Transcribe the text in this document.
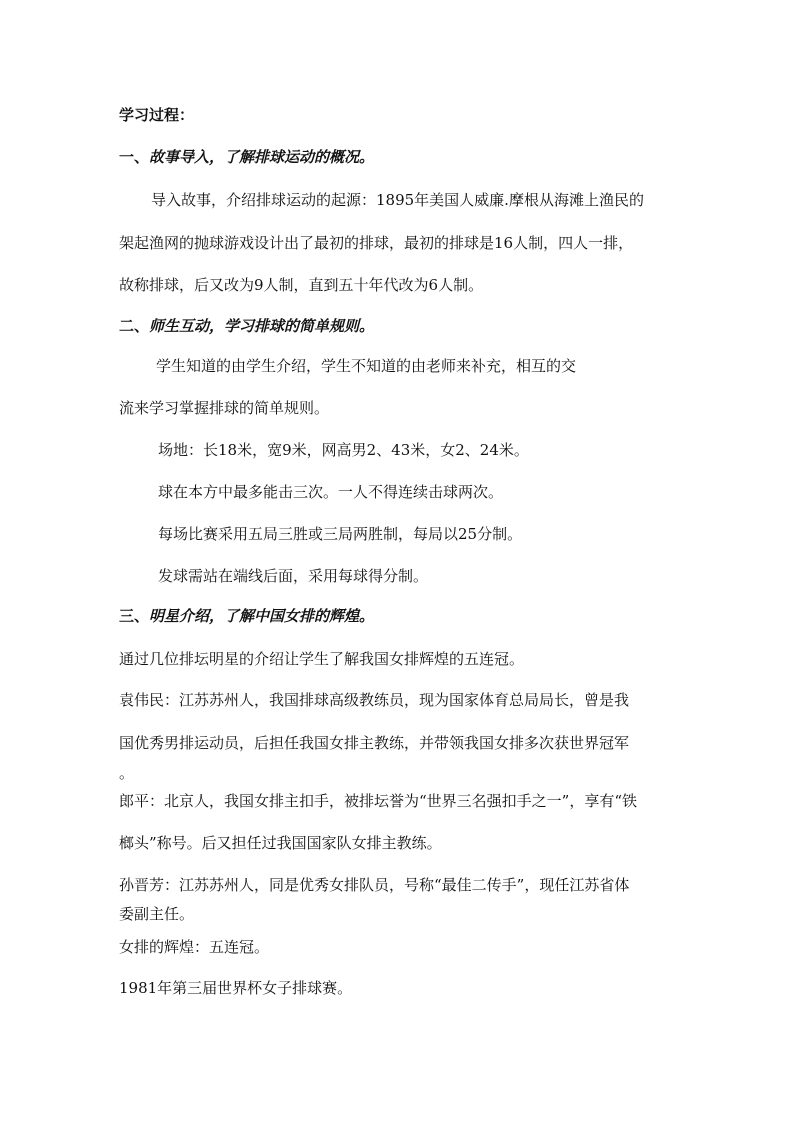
学习过程：
一、故事导入，了解排球运动的概况。
导入故事，介绍排球运动的起源：1895年美国人威廉.摩根从海滩上渔民的
架起渔网的抛球游戏设计出了最初的排球，最初的排球是16人制，四人一排，
故称排球，后又改为9人制，直到五十年代改为6人制。
二、师生互动，学习排球的简单规则。
学生知道的由学生介绍，学生不知道的由老师来补充，相互的交
流来学习掌握排球的简单规则。
场地：长18米，宽9米，网高男2、43米，女2、24米。
球在本方中最多能击三次。一人不得连续击球两次。
每场比赛采用五局三胜或三局两胜制，每局以25分制。
发球需站在端线后面，采用每球得分制。
三、明星介绍，了解中国女排的辉煌。
通过几位排坛明星的介绍让学生了解我国女排辉煌的五连冠。
袁伟民：江苏苏州人，我国排球高级教练员，现为国家体育总局局长，曾是我
国优秀男排运动员，后担任我国女排主教练，并带领我国女排多次获世界冠军
。
郎平：北京人，我国女排主扣手，被排坛誉为“世界三名强扣手之一”，享有“铁
榔头”称号。后又担任过我国国家队女排主教练。
孙晋芳：江苏苏州人，同是优秀女排队员，号称“最佳二传手”，现任江苏省体
委副主任。
女排的辉煌：五连冠。
1981年第三届世界杯女子排球赛。
